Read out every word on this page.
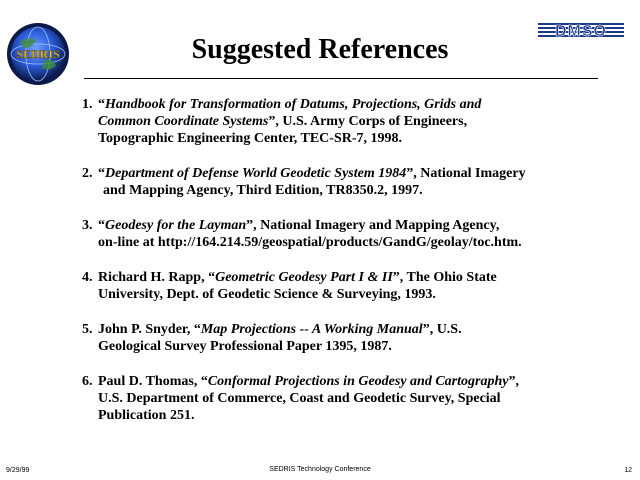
SEDRIS
DMSO
Suggested References
1. “Handbook for Transformation of Datums, Projections, Grids and
Common Coordinate Systems”, U.S. Army Corps of Engineers,
Topographic Engineering Center, TEC-SR-7, 1998.
2. “Department of Defense World Geodetic System 1984”, National Imagery
and Mapping Agency, Third Edition, TR8350.2, 1997.
3. “Geodesy for the Layman”, National Imagery and Mapping Agency,
on-line at http://164.214.59/geospatial/products/GandG/geolay/toc.htm.
4. Richard H. Rapp, “Geometric Geodesy Part I & II”, The Ohio State
University, Dept. of Geodetic Science & Surveying, 1993.
5. John P. Snyder, “Map Projections -- A Working Manual”, U.S.
Geological Survey Professional Paper 1395, 1987.
6. Paul D. Thomas, “Conformal Projections in Geodesy and Cartography”,
U.S. Department of Commerce, Coast and Geodetic Survey, Special
Publication 251.
9/29/99	SEDRIS Technology Conference	12
